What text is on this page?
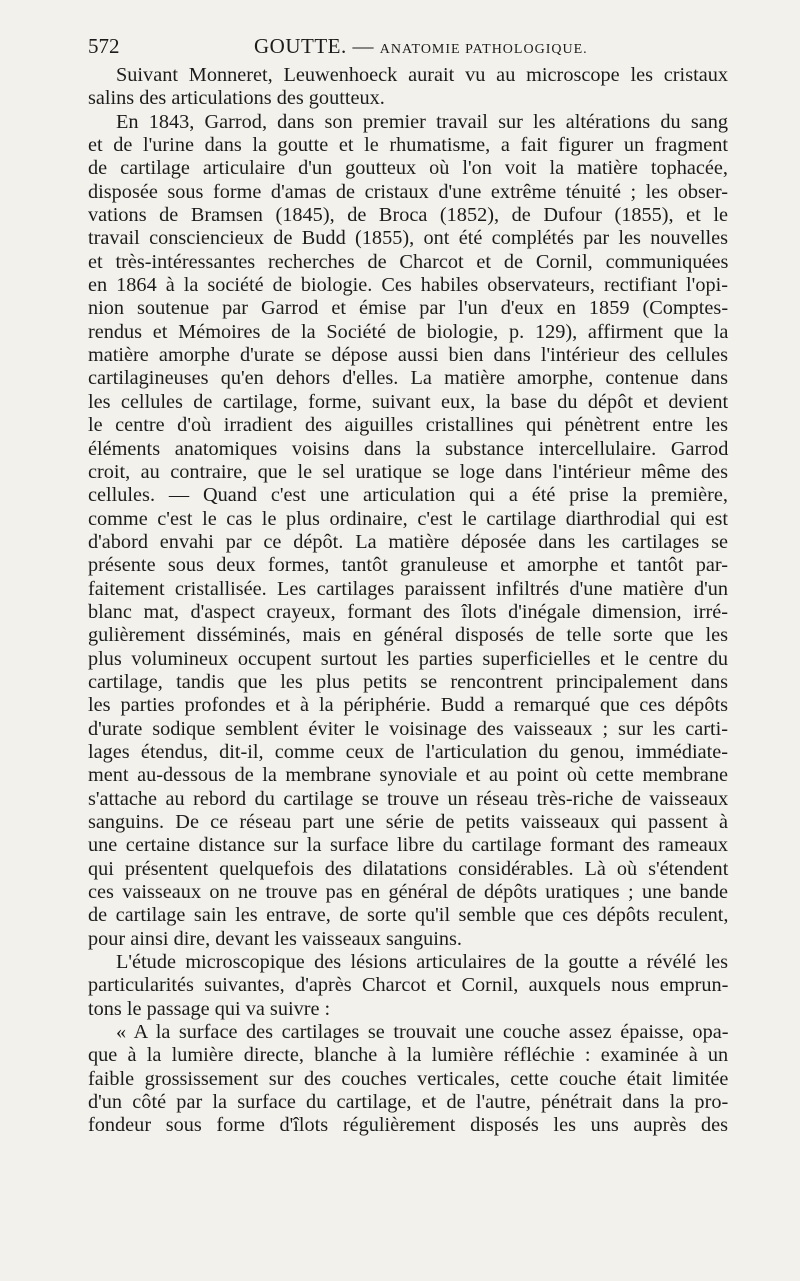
572	GOUTTE. — ANATOMIE PATHOLOGIQUE.
Suivant Monneret, Leuwenhoeck aurait vu au microscope les cristaux
salins des articulations des goutteux.
En 1843, Garrod, dans son premier travail sur les altérations du sang
et de l'urine dans la goutte et le rhumatisme, a fait figurer un fragment
de cartilage articulaire d'un goutteux où l'on voit la matière tophacée,
disposée sous forme d'amas de cristaux d'une extrême ténuité ; les obser-
vations de Bramsen (1845), de Broca (1852), de Dufour (1855), et le
travail consciencieux de Budd (1855), ont été complétés par les nouvelles
et très-intéressantes recherches de Charcot et de Cornil, communiquées
en 1864 à la société de biologie. Ces habiles observateurs, rectifiant l'opi-
nion soutenue par Garrod et émise par l'un d'eux en 1859 (Comptes-
rendus et Mémoires de la Société de biologie, p. 129), affirment que la
matière amorphe d'urate se dépose aussi bien dans l'intérieur des cellules
cartilagineuses qu'en dehors d'elles. La matière amorphe, contenue dans
les cellules de cartilage, forme, suivant eux, la base du dépôt et devient
le centre d'où irradient des aiguilles cristallines qui pénètrent entre les
éléments anatomiques voisins dans la substance intercellulaire. Garrod
croit, au contraire, que le sel uratique se loge dans l'intérieur même des
cellules. — Quand c'est une articulation qui a été prise la première,
comme c'est le cas le plus ordinaire, c'est le cartilage diarthrodial qui est
d'abord envahi par ce dépôt. La matière déposée dans les cartilages se
présente sous deux formes, tantôt granuleuse et amorphe et tantôt par-
faitement cristallisée. Les cartilages paraissent infiltrés d'une matière d'un
blanc mat, d'aspect crayeux, formant des îlots d'inégale dimension, irré-
gulièrement disséminés, mais en général disposés de telle sorte que les
plus volumineux occupent surtout les parties superficielles et le centre du
cartilage, tandis que les plus petits se rencontrent principalement dans
les parties profondes et à la périphérie. Budd a remarqué que ces dépôts
d'urate sodique semblent éviter le voisinage des vaisseaux ; sur les carti-
lages étendus, dit-il, comme ceux de l'articulation du genou, immédiate-
ment au-dessous de la membrane synoviale et au point où cette membrane
s'attache au rebord du cartilage se trouve un réseau très-riche de vaisseaux
sanguins. De ce réseau part une série de petits vaisseaux qui passent à
une certaine distance sur la surface libre du cartilage formant des rameaux
qui présentent quelquefois des dilatations considérables. Là où s'étendent
ces vaisseaux on ne trouve pas en général de dépôts uratiques ; une bande
de cartilage sain les entrave, de sorte qu'il semble que ces dépôts reculent,
pour ainsi dire, devant les vaisseaux sanguins.
L'étude microscopique des lésions articulaires de la goutte a révélé les
particularités suivantes, d'après Charcot et Cornil, auxquels nous emprun-
tons le passage qui va suivre :
« A la surface des cartilages se trouvait une couche assez épaisse, opa-
que à la lumière directe, blanche à la lumière réfléchie : examinée à un
faible grossissement sur des couches verticales, cette couche était limitée
d'un côté par la surface du cartilage, et de l'autre, pénétrait dans la pro-
fondeur sous forme d'îlots régulièrement disposés les uns auprès des
